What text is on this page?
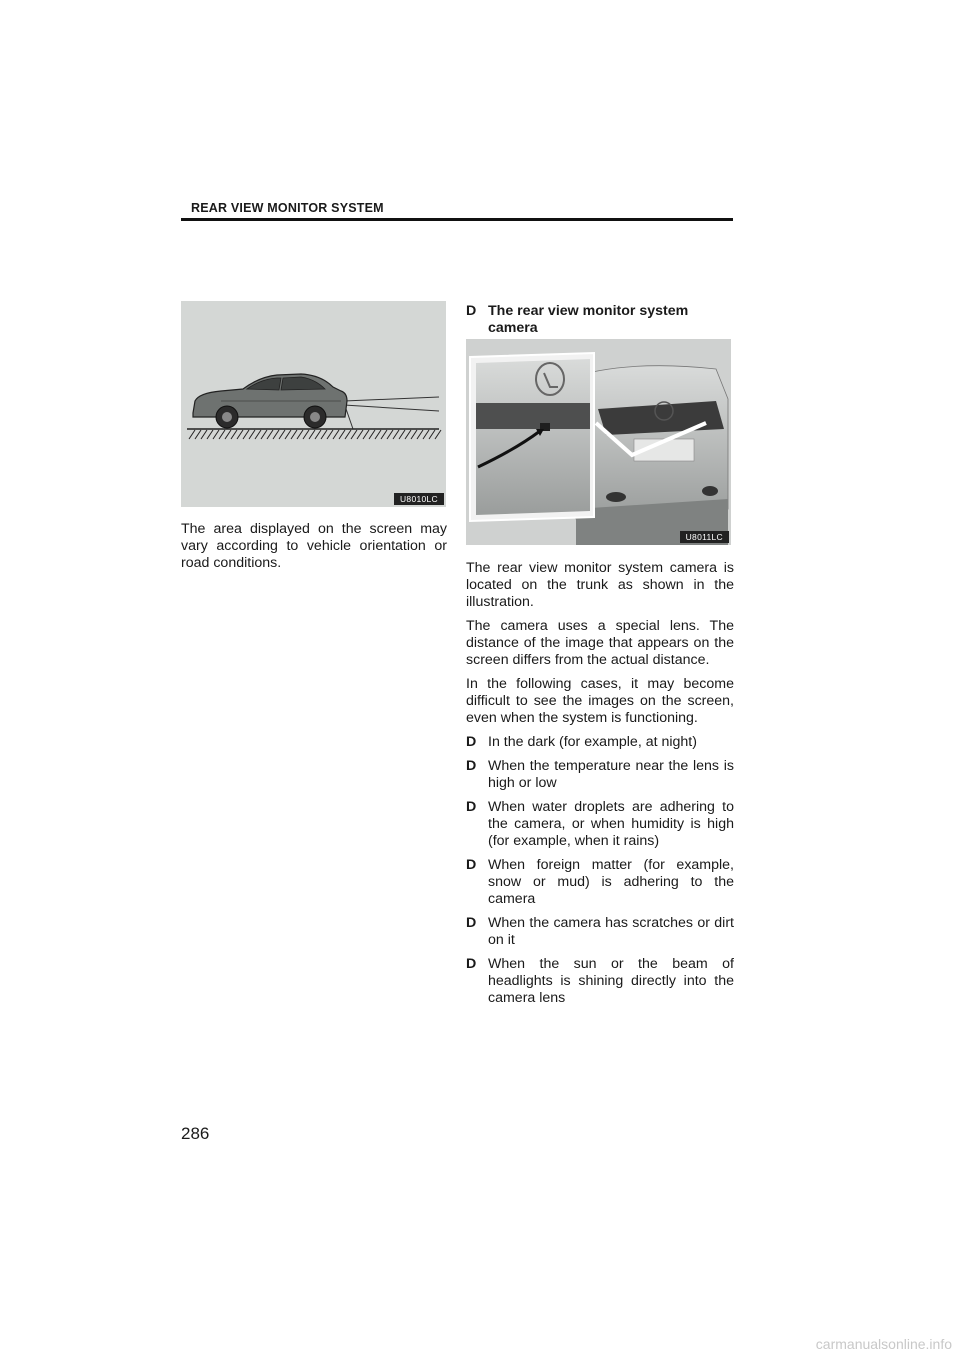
REAR VIEW MONITOR SYSTEM
U8010LC
The area displayed on the screen may vary according to vehicle orientation or road conditions.
D The rear view monitor system camera
U8011LC

The rear view monitor system camera is located on the trunk as shown in the illustration.

The camera uses a special lens. The distance of the image that appears on the screen differs from the actual distance.

In the following cases, it may become difficult to see the images on the screen, even when the system is functioning.

D In the dark (for example, at night)
D When the temperature near the lens is high or low
D When water droplets are adhering to the camera, or when humidity is high (for example, when it rains)
D When foreign matter (for example, snow or mud) is adhering to the camera
D When the camera has scratches or dirt on it
D When the sun or the beam of headlights is shining directly into the camera lens
286
carmanualsonline.info
